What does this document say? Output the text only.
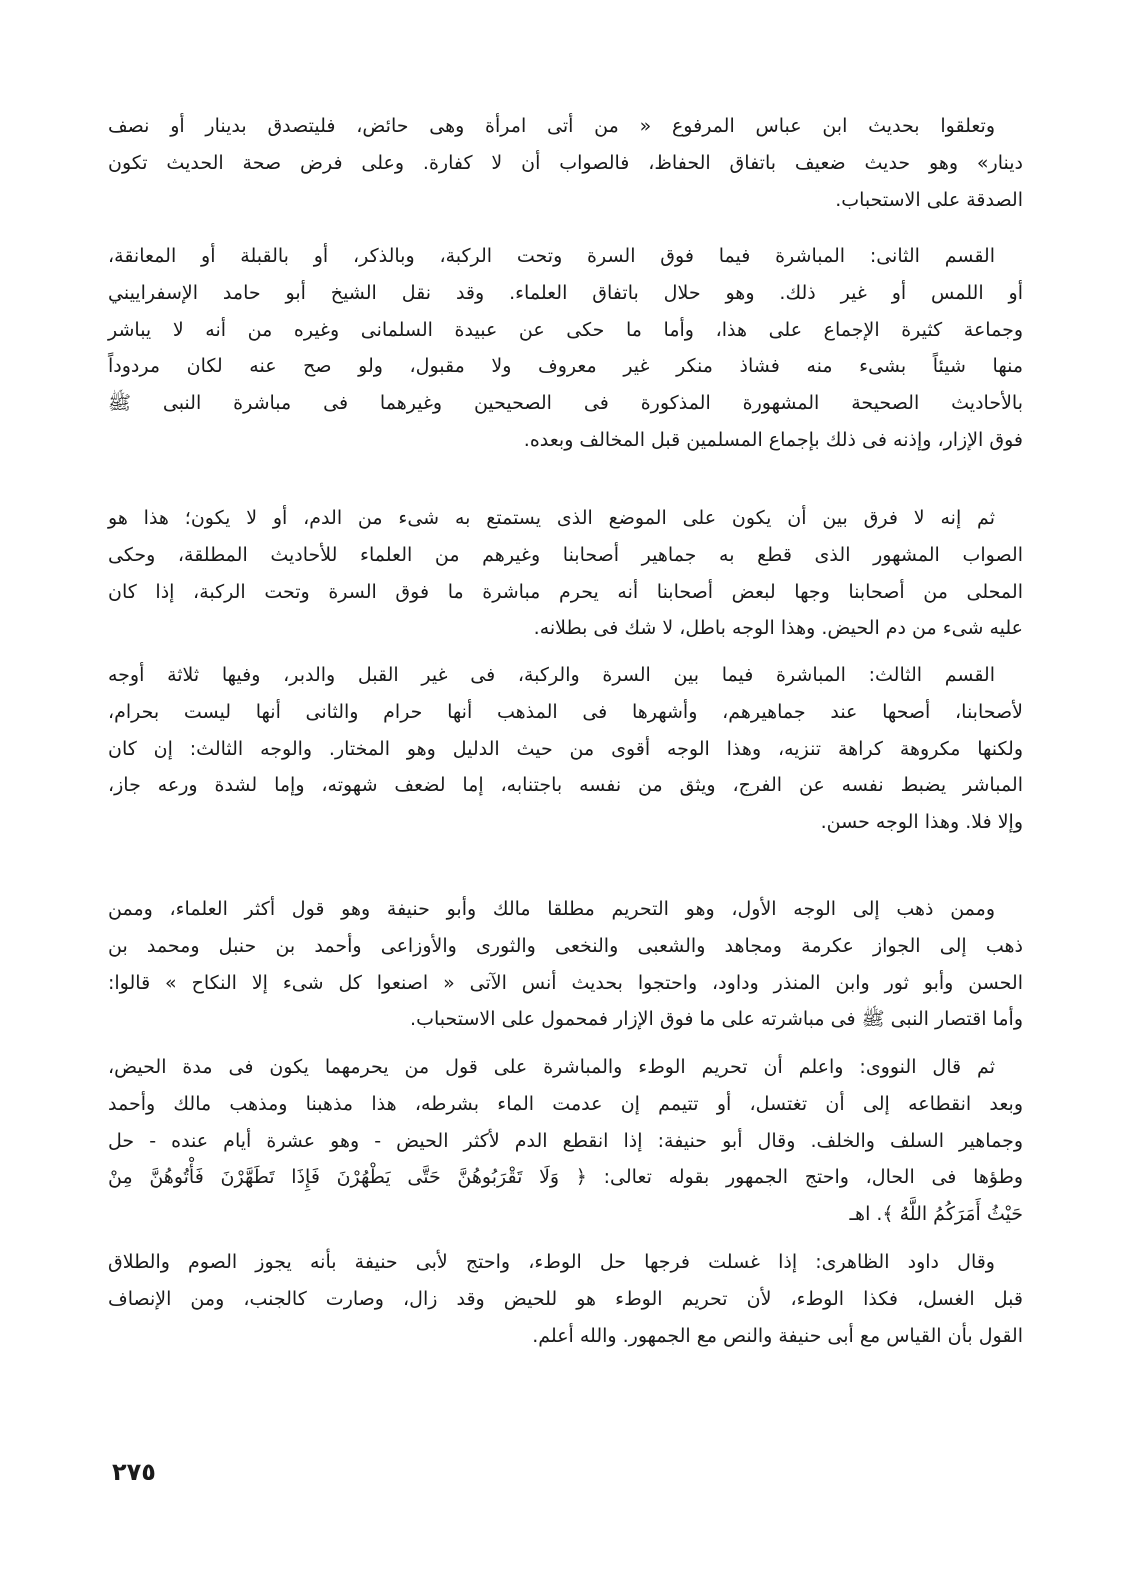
وتعلقوا بحديث ابن عباس المرفوع « من أتى امرأة وهى حائض، فليتصدق بدينار أو نصف
دينار» وهو حديث ضعيف باتفاق الحفاظ، فالصواب أن لا كفارة. وعلى فرض صحة الحديث تكون
الصدقة على الاستحباب.
القسم الثانى: المباشرة فيما فوق السرة وتحت الركبة، وبالذكر، أو بالقبلة أو المعانقة،
أو اللمس أو غير ذلك. وهو حلال باتفاق العلماء. وقد نقل الشيخ أبو حامد الإسفراييني
وجماعة كثيرة الإجماع على هذا، وأما ما حكى عن عبيدة السلمانى وغيره من أنه لا يباشر
منها شيئاً بشىء منه فشاذ منكر غير معروف ولا مقبول، ولو صح عنه لكان مردوداً
بالأحاديث الصحيحة المشهورة المذكورة فى الصحيحين وغيرهما فى مباشرة النبى ﷺ
فوق الإزار، وإذنه فى ذلك بإجماع المسلمين قبل المخالف وبعده.
ثم إنه لا فرق بين أن يكون على الموضع الذى يستمتع به شىء من الدم، أو لا يكون؛ هذا هو
الصواب المشهور الذى قطع به جماهير أصحابنا وغيرهم من العلماء للأحاديث المطلقة، وحكى
المحلى من أصحابنا وجها لبعض أصحابنا أنه يحرم مباشرة ما فوق السرة وتحت الركبة، إذا كان
عليه شىء من دم الحيض. وهذا الوجه باطل، لا شك فى بطلانه.
القسم الثالث: المباشرة فيما بين السرة والركبة، فى غير القبل والدبر، وفيها ثلاثة أوجه
لأصحابنا، أصحها عند جماهيرهم، وأشهرها فى المذهب أنها حرام والثانى أنها ليست بحرام،
ولكنها مكروهة كراهة تنزيه، وهذا الوجه أقوى من حيث الدليل وهو المختار. والوجه الثالث: إن كان
المباشر يضبط نفسه عن الفرج، ويثق من نفسه باجتنابه، إما لضعف شهوته، وإما لشدة ورعه جاز،
وإلا فلا. وهذا الوجه حسن.
وممن ذهب إلى الوجه الأول، وهو التحريم مطلقا مالك وأبو حنيفة وهو قول أكثر العلماء، وممن
ذهب إلى الجواز عكرمة ومجاهد والشعبى والنخعى والثورى والأوزاعى وأحمد بن حنبل ومحمد بن
الحسن وأبو ثور وابن المنذر وداود، واحتجوا بحديث أنس الآتى « اصنعوا كل شىء إلا النكاح » قالوا:
وأما اقتصار النبى ﷺ فى مباشرته على ما فوق الإزار فمحمول على الاستحباب.
ثم قال النووى: واعلم أن تحريم الوطء والمباشرة على قول من يحرمهما يكون فى مدة الحيض،
وبعد انقطاعه إلى أن تغتسل، أو تتيمم إن عدمت الماء بشرطه، هذا مذهبنا ومذهب مالك وأحمد
وجماهير السلف والخلف. وقال أبو حنيفة: إذا انقطع الدم لأكثر الحيض - وهو عشرة أيام عنده - حل
وطؤها فى الحال، واحتج الجمهور بقوله تعالى: ﴿ وَلَا تَقْرَبُوهُنَّ حَتَّى يَطْهُرْنَ فَإِذَا تَطَهَّرْنَ فَأْتُوهُنَّ مِنْ
حَيْثُ أَمَرَكُمُ اللَّهُ ﴾. اهـ
وقال داود الظاهرى: إذا غسلت فرجها حل الوطء، واحتج لأبى حنيفة بأنه يجوز الصوم والطلاق
قبل الغسل، فكذا الوطء، لأن تحريم الوطء هو للحيض وقد زال، وصارت كالجنب، ومن الإنصاف
القول بأن القياس مع أبى حنيفة والنص مع الجمهور. والله أعلم.
٢٧٥
